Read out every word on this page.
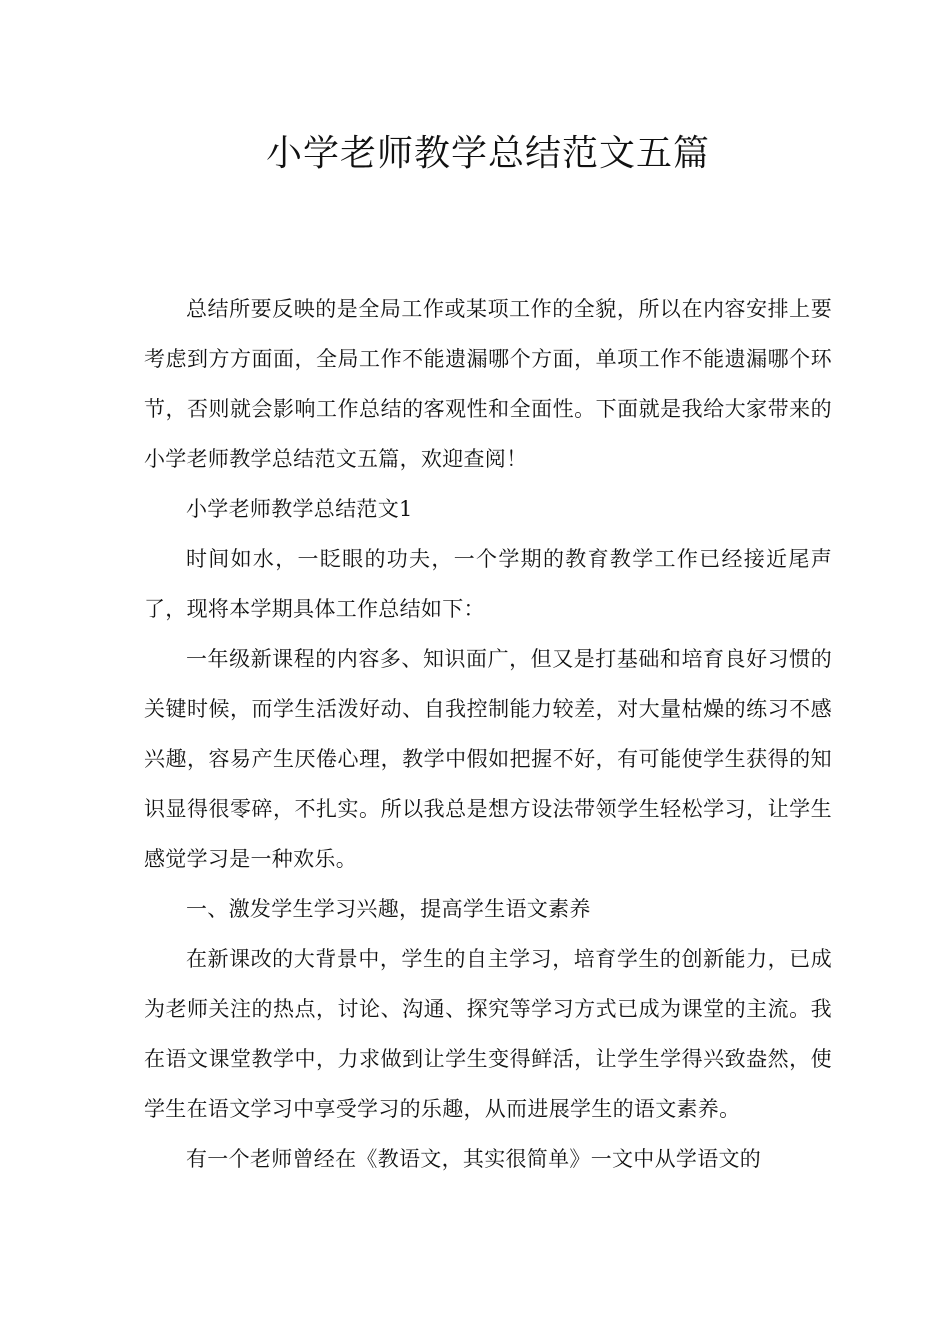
小学老师教学总结范文五篇

总结所要反映的是全局工作或某项工作的全貌，所以在内容安排上要考虑到方方面面，全局工作不能遗漏哪个方面，单项工作不能遗漏哪个环节，否则就会影响工作总结的客观性和全面性。下面就是我给大家带来的小学老师教学总结范文五篇，欢迎查阅！

小学老师教学总结范文1

时间如水，一眨眼的功夫，一个学期的教育教学工作已经接近尾声了，现将本学期具体工作总结如下：

一年级新课程的内容多、知识面广，但又是打基础和培育良好习惯的关键时候，而学生活泼好动、自我控制能力较差，对大量枯燥的练习不感兴趣，容易产生厌倦心理，教学中假如把握不好，有可能使学生获得的知识显得很零碎，不扎实。所以我总是想方设法带领学生轻松学习，让学生感觉学习是一种欢乐。

一、激发学生学习兴趣，提高学生语文素养

在新课改的大背景中，学生的自主学习，培育学生的创新能力，已成为老师关注的热点，讨论、沟通、探究等学习方式已成为课堂的主流。我在语文课堂教学中，力求做到让学生变得鲜活，让学生学得兴致盎然，使学生在语文学习中享受学习的乐趣，从而进展学生的语文素养。

有一个老师曾经在《教语文，其实很简单》一文中从学语文的
